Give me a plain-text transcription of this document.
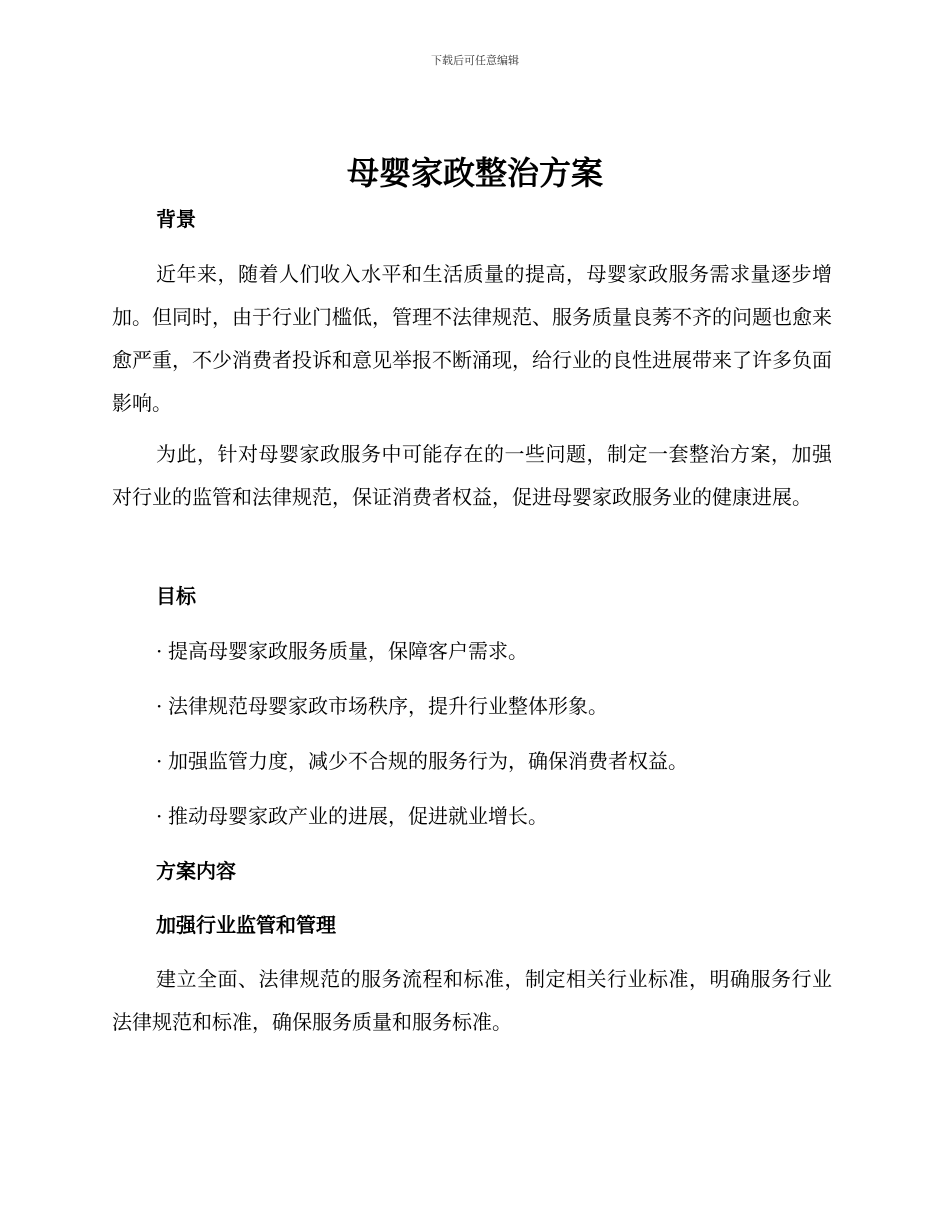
下载后可任意编辑
母婴家政整治方案
背景

近年来，随着人们收入水平和生活质量的提高，母婴家政服务需求量逐步增加。但同时，由于行业门槛低，管理不法律规范、服务质量良莠不齐的问题也愈来愈严重，不少消费者投诉和意见举报不断涌现，给行业的良性进展带来了许多负面影响。

为此，针对母婴家政服务中可能存在的一些问题，制定一套整治方案，加强对行业的监管和法律规范，保证消费者权益，促进母婴家政服务业的健康进展。

目标
· 提高母婴家政服务质量，保障客户需求。
· 法律规范母婴家政市场秩序，提升行业整体形象。
· 加强监管力度，减少不合规的服务行为，确保消费者权益。
· 推动母婴家政产业的进展，促进就业增长。
方案内容
加强行业监管和管理

建立全面、法律规范的服务流程和标准，制定相关行业标准，明确服务行业法律规范和标准，确保服务质量和服务标准。
